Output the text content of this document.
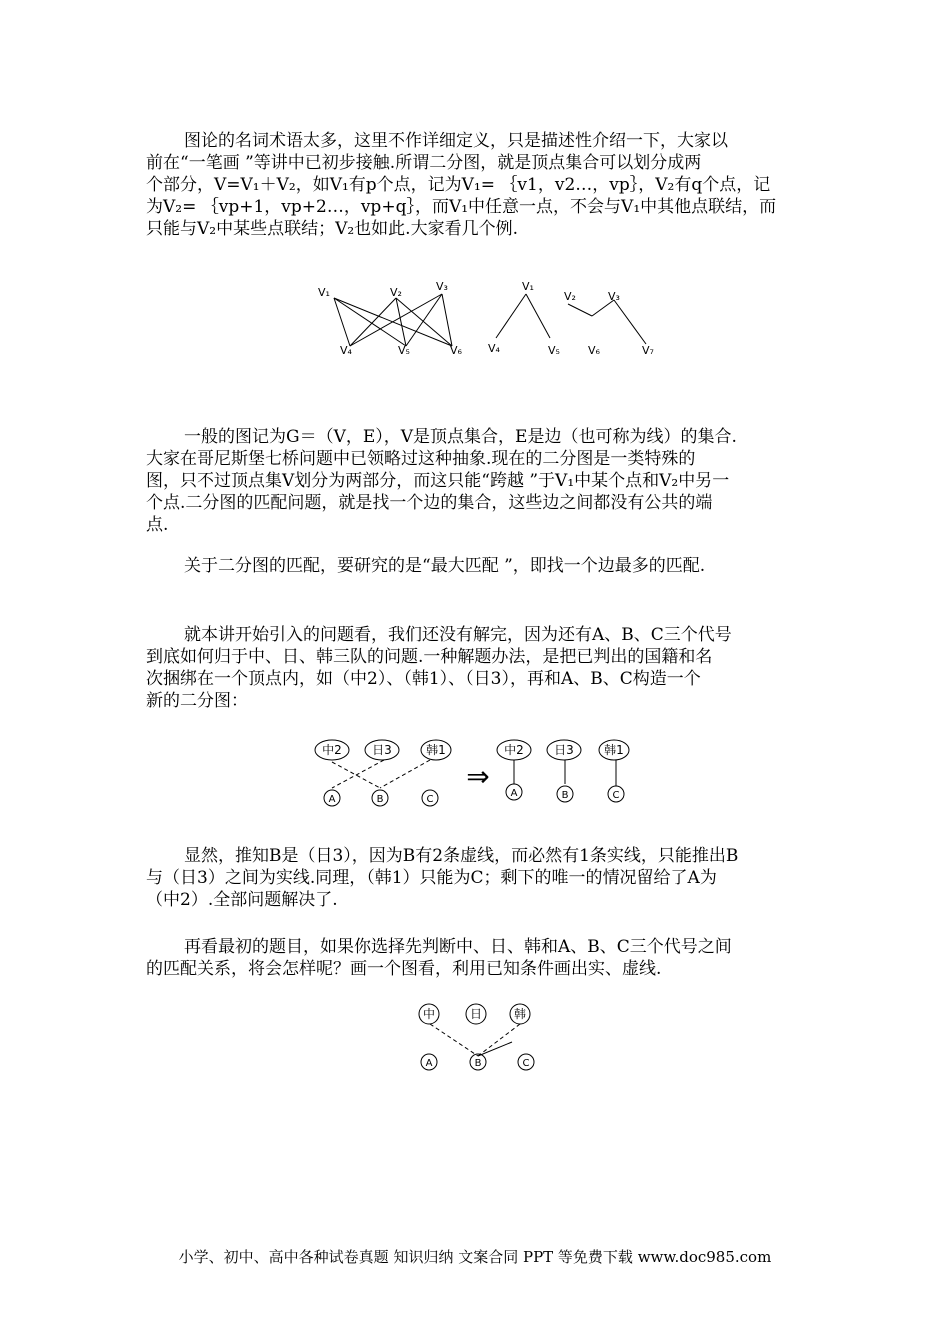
图论的名词术语太多，这里不作详细定义，只是描述性介绍一下，大家以
前在“一笔画 ”等讲中已初步接触.所谓二分图，就是顶点集合可以划分成两
个部分，V=V₁＋V₂，如V₁有p个点，记为V₁= ｛v1，v2…，vp｝，V₂有q个点，记
为V₂= ｛vp+1，vp+2…，vp+q｝，而V₁中任意一点，不会与V₁中其他点联结，而
只能与V₂中某些点联结；V₂也如此.大家看几个例.
V₁	V₂	V₃
V₄	V₅	V₆
V₁
V₂	V₃
V₄	V₅	V₆	V₇
一般的图记为G＝（V，E），V是顶点集合，E是边（也可称为线）的集合.
大家在哥尼斯堡七桥问题中已领略过这种抽象.现在的二分图是一类特殊的
图，只不过顶点集V划分为两部分，而这只能“跨越 ”于V₁中某个点和V₂中另一
个点.二分图的匹配问题，就是找一个边的集合，这些边之间都没有公共的端
点.
关于二分图的匹配，要研究的是“最大匹配 ”，即找一个边最多的匹配.
就本讲开始引入的问题看，我们还没有解完，因为还有A、B、C三个代号
到底如何归于中、日、韩三队的问题.一种解题办法，是把已判出的国籍和名
次捆绑在一个顶点内，如（中2）、（韩1）、（日3），再和A、B、C构造一个
新的二分图：
中2	日3	韩1
A	B	C
⇒
中2	日3	韩1
A	B	C
显然，推知B是（日3），因为B有2条虚线，而必然有1条实线，只能推出B
与（日3）之间为实线.同理，（韩1）只能为C；剩下的唯一的情况留给了A为
（中2）.全部问题解决了.
再看最初的题目，如果你选择先判断中、日、韩和A、B、C三个代号之间
的匹配关系，将会怎样呢？画一个图看，利用已知条件画出实、虚线.
中	日	韩
A	B	C
小学、初中、高中各种试卷真题 知识归纳 文案合同 PPT 等免费下载 www.doc985.com
